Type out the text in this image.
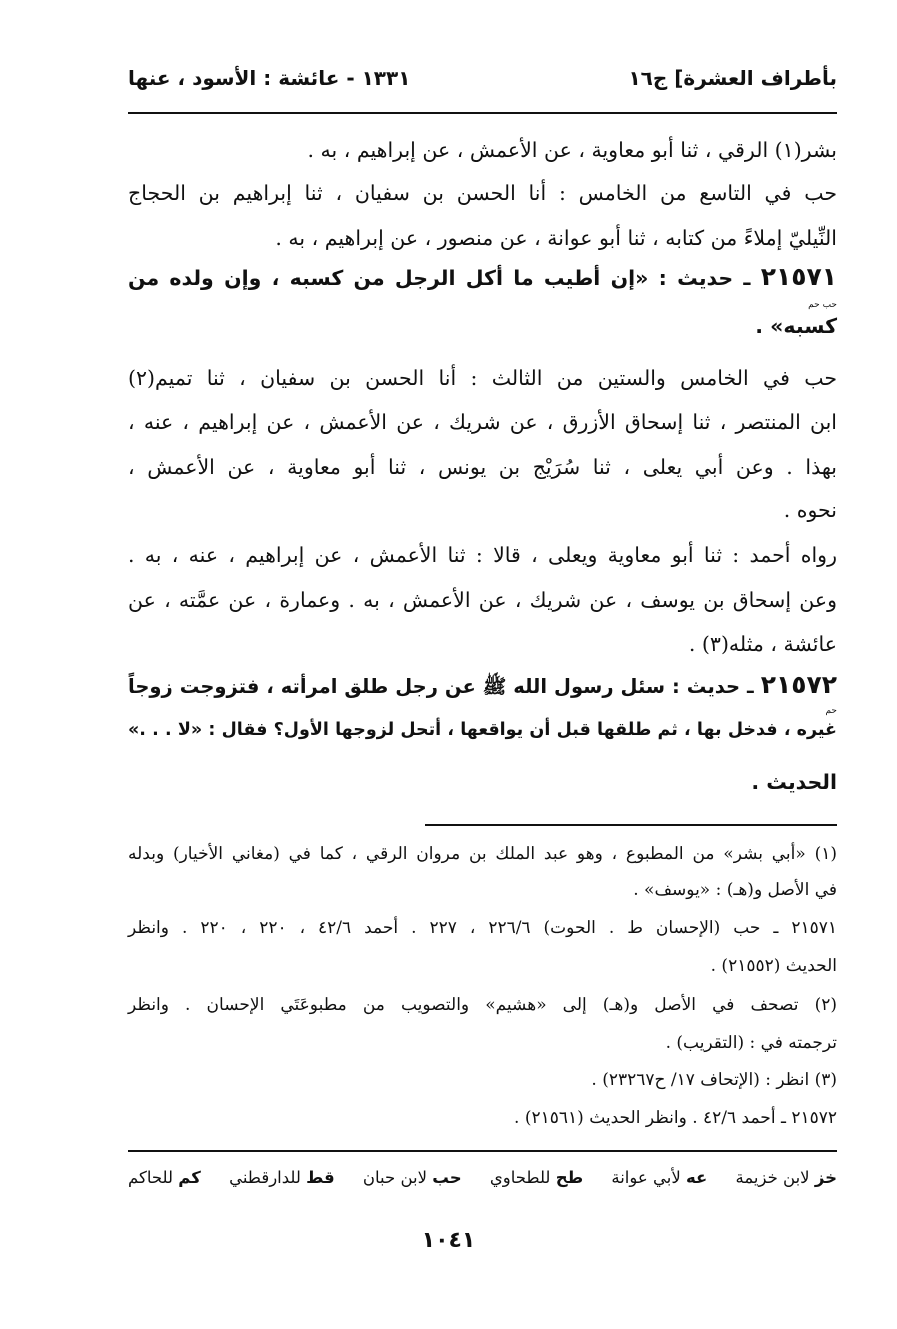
بأطراف العشرة] ج١٦
١٣٣١ - عائشة : الأسود ، عنها
بشر(١) الرقي ، ثنا أبو معاوية ، عن الأعمش ، عن إبراهيم ، به .
حب في التاسع من الخامس : أنا الحسن بن سفيان ، ثنا إبراهيم بن الحجاج
النِّيليّ إملاءً من كتابه ، ثنا أبو عوانة ، عن منصور ، عن إبراهيم ، به .
٢١٥٧١ ـ حديث : «إن أطيب ما أكل الرجل من كسبه ، وإن ولده من
حب حم
كسبه» .
حب في الخامس والستين من الثالث : أنا الحسن بن سفيان ، ثنا تميم(٢)
ابن المنتصر ، ثنا إسحاق الأزرق ، عن شريك ، عن الأعمش ، عن إبراهيم ، عنه ،
بهذا . وعن أبي يعلى ، ثنا سُرَيْج بن يونس ، ثنا أبو معاوية ، عن الأعمش ،
نحوه .
رواه أحمد : ثنا أبو معاوية ويعلى ، قالا : ثنا الأعمش ، عن إبراهيم ، عنه ، به .
وعن إسحاق بن يوسف ، عن شريك ، عن الأعمش ، به . وعمارة ، عن عمَّته ، عن
عائشة ، مثله(٣) .
٢١٥٧٢ ـ حديث : سئل رسول الله ﷺ عن رجل طلق امرأته ، فتزوجت زوجاً
حم
غيره ، فدخل بها ، ثم طلقها قبل أن يواقعها ، أتحل لزوجها الأول؟ فقال : «لا . . .»
الحديث .
(١) «أبي بشر» من المطبوع ، وهو عبد الملك بن مروان الرقي ، كما في (مغاني الأخيار) وبدله
في الأصل و(هـ) : «يوسف» .
٢١٥٧١ ـ حب (الإحسان ط . الحوت) ٢٢٦/٦ ، ٢٢٧ . أحمد ٤٢/٦ ، ٢٢٠ ، ٢٢٠ . وانظر
الحديث (٢١٥٥٢) .
(٢) تصحف في الأصل و(هـ) إلى «هشيم» والتصويب من مطبوعَتَي الإحسان . وانظر
ترجمته في : (التقريب) .
(٣) انظر : (الإتحاف ١٧/ ح٢٣٢٦٧) .
٢١٥٧٢ ـ أحمد ٤٢/٦ . وانظر الحديث (٢١٥٦١) .
خز لابن خزيمة
عه لأبي عوانة
طح للطحاوي
حب لابن حبان
قط للدارقطني
كم للحاكم
١٠٤١
